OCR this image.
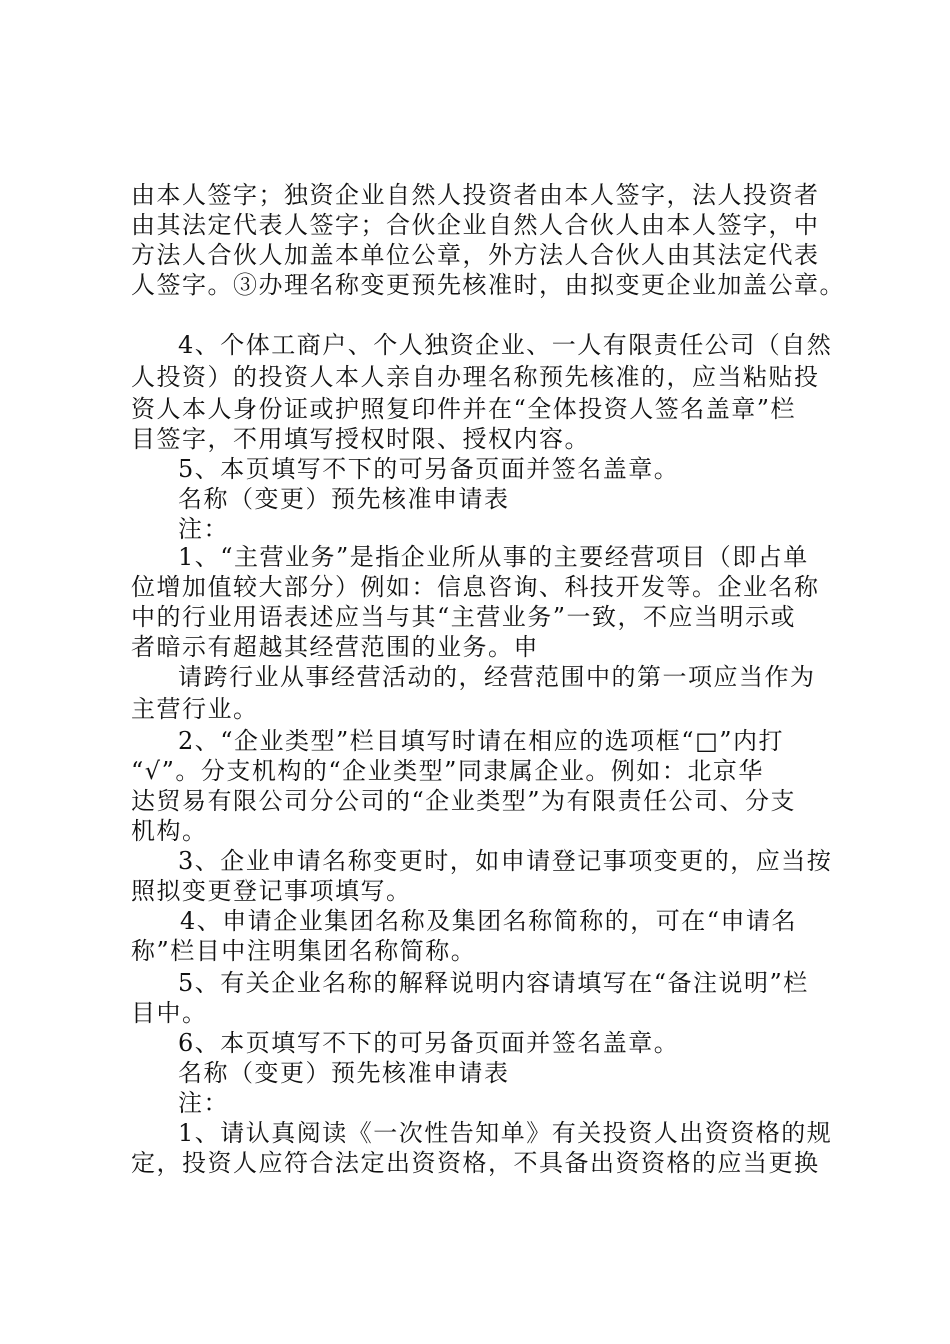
由本人签字；独资企业自然人投资者由本人签字，法人投资者
由其法定代表人签字；合伙企业自然人合伙人由本人签字，中
方法人合伙人加盖本单位公章，外方法人合伙人由其法定代表
人签字。③办理名称变更预先核准时，由拟变更企业加盖公章。
4、个体工商户、个人独资企业、一人有限责任公司（自然
人投资）的投资人本人亲自办理名称预先核准的，应当粘贴投
资人本人身份证或护照复印件并在“全体投资人签名盖章”栏
目签字，不用填写授权时限、授权内容。
5、本页填写不下的可另备页面并签名盖章。
名称（变更）预先核准申请表
注：
1、“主营业务”是指企业所从事的主要经营项目（即占单
位增加值较大部分）例如：信息咨询、科技开发等。企业名称
中的行业用语表述应当与其“主营业务”一致，不应当明示或
者暗示有超越其经营范围的业务。申
请跨行业从事经营活动的，经营范围中的第一项应当作为
主营行业。
2、“企业类型”栏目填写时请在相应的选项框“□”内打
“√”。分支机构的“企业类型”同隶属企业。例如：北京华
达贸易有限公司分公司的“企业类型”为有限责任公司、分支
机构。
3、企业申请名称变更时，如申请登记事项变更的，应当按
照拟变更登记事项填写。
4、申请企业集团名称及集团名称简称的，可在“申请名
称”栏目中注明集团名称简称。
5、有关企业名称的解释说明内容请填写在“备注说明”栏
目中。
6、本页填写不下的可另备页面并签名盖章。
名称（变更）预先核准申请表
注：
1、请认真阅读《一次性告知单》有关投资人出资资格的规
定，投资人应符合法定出资资格，不具备出资资格的应当更换
